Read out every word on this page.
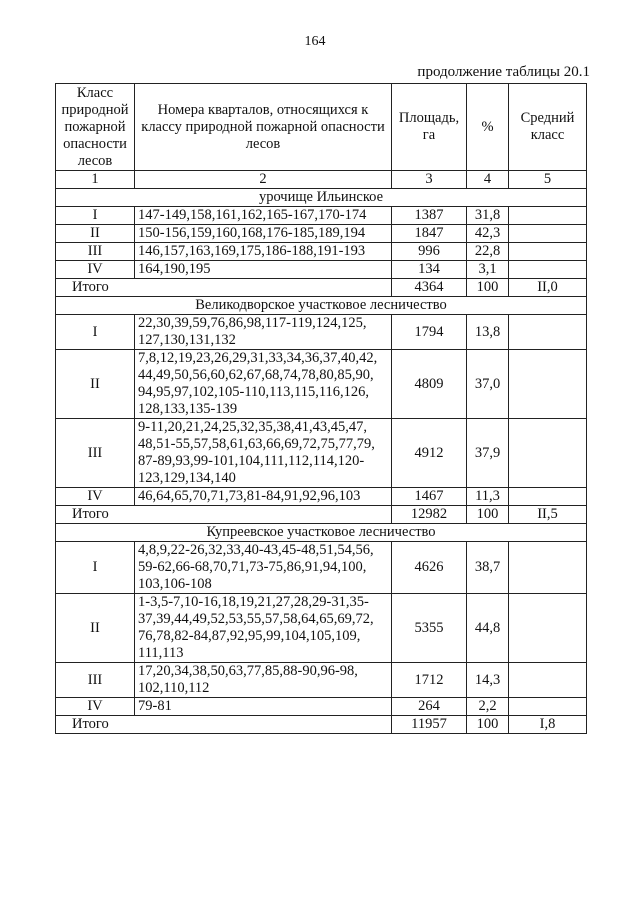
164
продолжение таблицы 20.1
Класс природной пожарной опасности лесов	Номера кварталов, относящихся к классу природной пожарной опасности лесов	Площадь, га	%	Средний класс
1	2	3	4	5
урочище Ильинское				
I	147-149,158,161,162,165-167,170-174	1387	31,8	
II	150-156,159,160,168,176-185,189,194	1847	42,3	
III	146,157,163,169,175,186-188,191-193	996	22,8	
IV	164,190,195	134	3,1	
Итого		4364	100	II,0
Великодворское участковое лесничество				
I	22,30,39,59,76,86,98,117-119,124,125, 127,130,131,132	1794	13,8	
II	7,8,12,19,23,26,29,31,33,34,36,37,40,42, 44,49,50,56,60,62,67,68,74,78,80,85,90, 94,95,97,102,105-110,113,115,116,126, 128,133,135-139	4809	37,0	
III	9-11,20,21,24,25,32,35,38,41,43,45,47, 48,51-55,57,58,61,63,66,69,72,75,77,79, 87-89,93,99-101,104,111,112,114,120- 123,129,134,140	4912	37,9	
IV	46,64,65,70,71,73,81-84,91,92,96,103	1467	11,3	
Итого		12982	100	II,5
Купреевское участковое лесничество				
I	4,8,9,22-26,32,33,40-43,45-48,51,54,56, 59-62,66-68,70,71,73-75,86,91,94,100, 103,106-108	4626	38,7	
II	1-3,5-7,10-16,18,19,21,27,28,29-31,35- 37,39,44,49,52,53,55,57,58,64,65,69,72, 76,78,82-84,87,92,95,99,104,105,109, 111,113	5355	44,8	
III	17,20,34,38,50,63,77,85,88-90,96-98, 102,110,112	1712	14,3	
IV	79-81	264	2,2	
Итого		11957	100	I,8
